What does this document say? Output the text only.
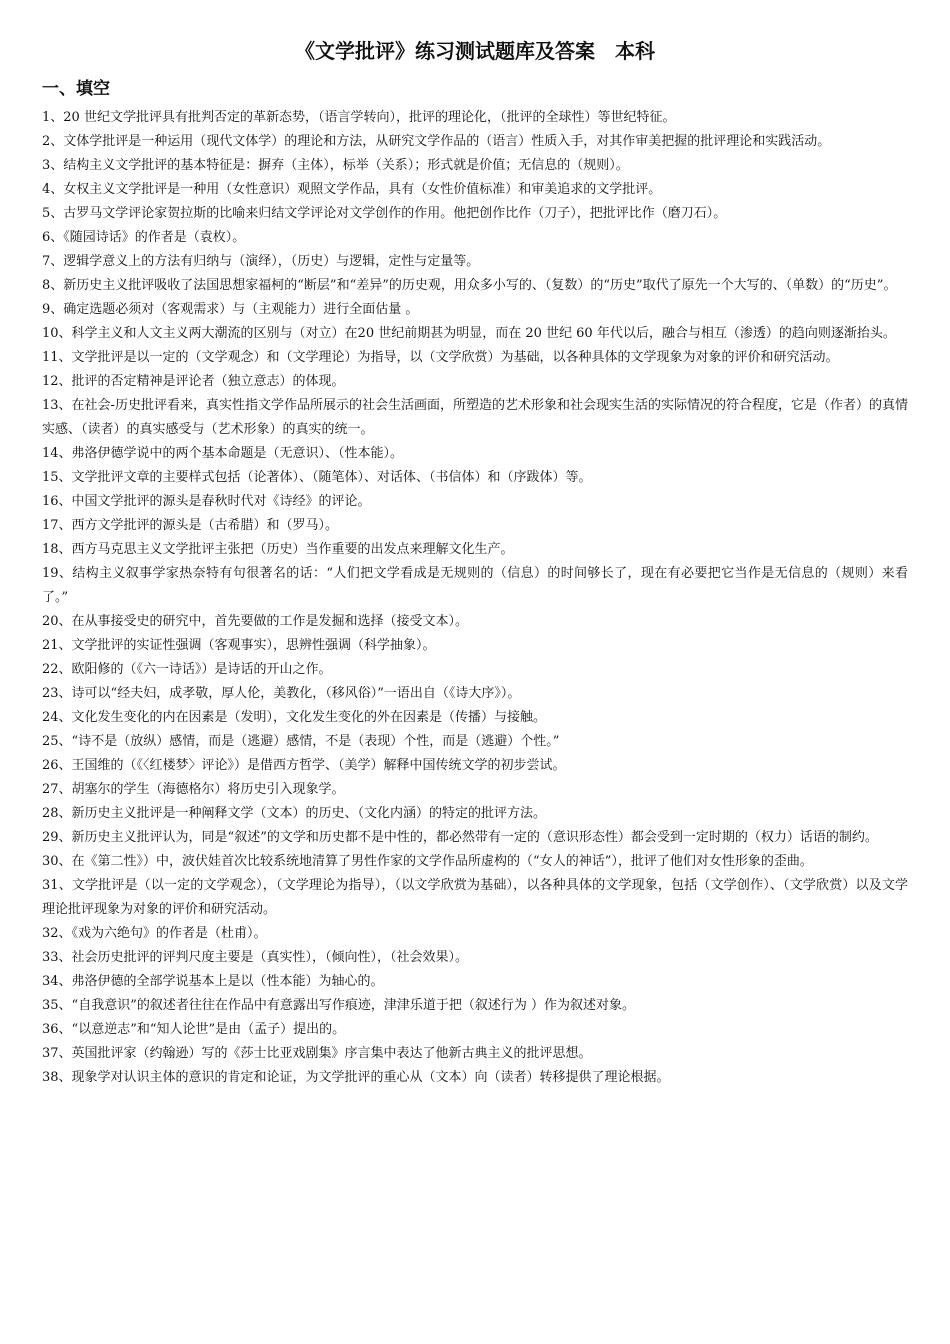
《文学批评》练习测试题库及答案　本科
一、填空
1、20 世纪文学批评具有批判否定的革新态势，（语言学转向），批评的理论化，（批评的全球性）等世纪特征。
2、文体学批评是一种运用（现代文体学）的理论和方法，从研究文学作品的（语言）性质入手，对其作审美把握的批评理论和实践活动。
3、结构主义文学批评的基本特征是：摒弃（主体），标举（关系）；形式就是价值；无信息的（规则）。
4、女权主义文学批评是一种用（女性意识）观照文学作品，具有（女性价值标准）和审美追求的文学批评。
5、古罗马文学评论家贺拉斯的比喻来归结文学评论对文学创作的作用。他把创作比作（刀子），把批评比作（磨刀石）。
6、《随园诗话》的作者是（袁枚）。
7、逻辑学意义上的方法有归纳与（演绎），（历史）与逻辑，定性与定量等。
8、新历史主义批评吸收了法国思想家福柯的“断层”和“差异”的历史观，用众多小写的、（复数）的“历史”取代了原先一个大写的、（单数）的“历史”。
9、确定选题必须对（客观需求）与（主观能力）进行全面估量 。
10、科学主义和人文主义两大潮流的区别与（对立）在20 世纪前期甚为明显，而在 20 世纪 60 年代以后，融合与相互（渗透）的趋向则逐渐抬头。
11、文学批评是以一定的（文学观念）和（文学理论）为指导，以（文学欣赏）为基础，以各种具体的文学现象为对象的评价和研究活动。
12、批评的否定精神是评论者（独立意志）的体现。
13、在社会-历史批评看来，真实性指文学作品所展示的社会生活画面，所塑造的艺术形象和社会现实生活的实际情况的符合程度，它是（作者）的真情实感、（读者）的真实感受与（艺术形象）的真实的统一。
14、弗洛伊德学说中的两个基本命题是（无意识）、（性本能）。
15、文学批评文章的主要样式包括（论著体）、（随笔体）、对话体、（书信体）和（序跋体）等。
16、中国文学批评的源头是春秋时代对《诗经》的评论。
17、西方文学批评的源头是（古希腊）和（罗马）。
18、西方马克思主义文学批评主张把（历史）当作重要的出发点来理解文化生产。
19、结构主义叙事学家热奈特有句很著名的话：“人们把文学看成是无规则的（信息）的时间够长了，现在有必要把它当作是无信息的（规则）来看了。”
20、在从事接受史的研究中，首先要做的工作是发掘和选择（接受文本）。
21、文学批评的实证性强调（客观事实），思辨性强调（科学抽象）。
22、欧阳修的（《六一诗话》）是诗话的开山之作。
23、诗可以“经夫妇，成孝敬，厚人伦，美教化，（移风俗）”一语出自（《诗大序》）。
24、文化发生变化的内在因素是（发明），文化发生变化的外在因素是（传播）与接触。
25、“诗不是（放纵）感情，而是（逃避）感情，不是（表现）个性，而是（逃避）个性。”
26、王国维的（《〈红楼梦〉评论》）是借西方哲学、（美学）解释中国传统文学的初步尝试。
27、胡塞尔的学生（海德格尔）将历史引入现象学。
28、新历史主义批评是一种阐释文学（文本）的历史、（文化内涵）的特定的批评方法。
29、新历史主义批评认为，同是“叙述”的文学和历史都不是中性的，都必然带有一定的（意识形态性）都会受到一定时期的（权力）话语的制约。
30、在《第二性》）中，波伏娃首次比较系统地清算了男性作家的文学作品所虚构的（“女人的神话”），批评了他们对女性形象的歪曲。
31、文学批评是（以一定的文学观念），（文学理论为指导），（以文学欣赏为基础），以各种具体的文学现象，包括（文学创作）、（文学欣赏）以及文学理论批评现象为对象的评价和研究活动。
32、《戏为六绝句》的作者是（杜甫）。
33、社会历史批评的评判尺度主要是（真实性），（倾向性），（社会效果）。
34、弗洛伊德的全部学说基本上是以（性本能）为轴心的。
35、“自我意识”的叙述者往往在作品中有意露出写作痕迹，津津乐道于把（叙述行为 ）作为叙述对象。
36、“以意逆志”和“知人论世”是由（孟子）提出的。
37、英国批评家（约翰逊）写的《莎士比亚戏剧集》序言集中表达了他新古典主义的批评思想。
38、现象学对认识主体的意识的肯定和论证，为文学批评的重心从（文本）向（读者）转移提供了理论根据。
